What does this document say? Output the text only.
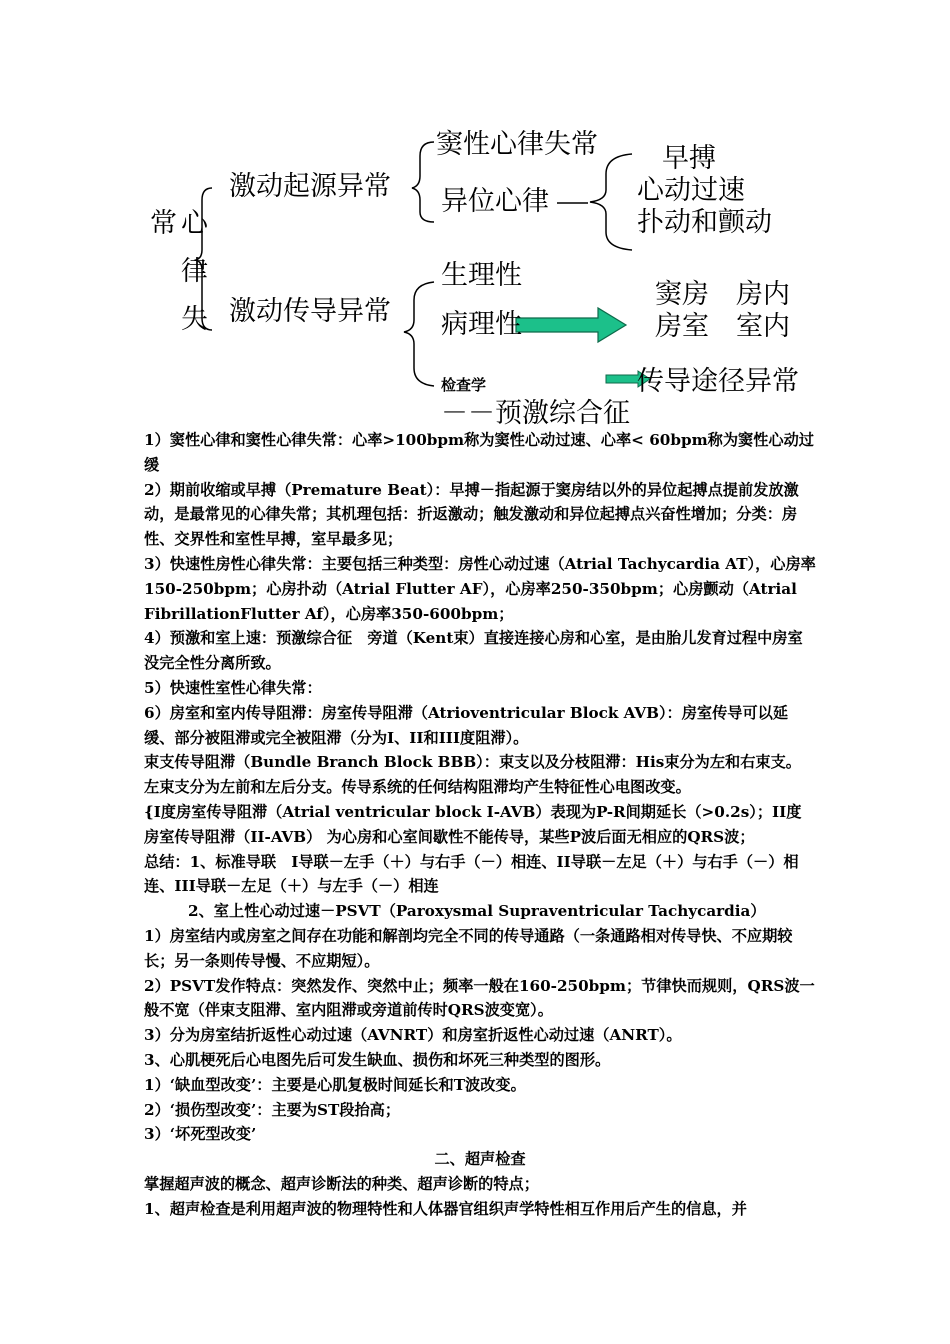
心
律
失
常
激动起源异常
激动传导异常
窦性心律失常
异位心律
早搏
心动过速
扑动和颤动
生理性
病理性
窦房　房内
房室　室内
检查学	传导途径异常
－－预激综合征

1）窦性心律和窦性心律失常：心率>100bpm称为窦性心动过速、心率< 60bpm称为窦性心动过缓

2）期前收缩或早搏（Premature Beat）：早搏－指起源于窦房结以外的异位起搏点提前发放激动，是最常见的心律失常；其机理包括：折返激动；触发激动和异位起搏点兴奋性增加；分类：房性、交界性和室性早搏，室早最多见；

3）快速性房性心律失常：主要包括三种类型：房性心动过速（Atrial Tachycardia AT），心房率150-250bpm；心房扑动（Atrial Flutter AF），心房率250-350bpm；心房颤动（Atrial FibrillationFlutter Af），心房率350-600bpm；

4）预激和室上速：预激综合征　旁道（Kent束）直接连接心房和心室，是由胎儿发育过程中房室没完全性分离所致。

5）快速性室性心律失常：

6）房室和室内传导阻滞：房室传导阻滞（Atrioventricular Block AVB）：房室传导可以延缓、部分被阻滞或完全被阻滞（分为I、II和III度阻滞）。

束支传导阻滞（Bundle Branch Block BBB）：束支以及分枝阻滞：His束分为左和右束支。左束支分为左前和左后分支。传导系统的任何结构阻滞均产生特征性心电图改变。

{I度房室传导阻滞（Atrial ventricular block I-AVB）表现为P-R间期延长（>0.2s）；II度房室传导阻滞（II-AVB） 为心房和心室间歇性不能传导，某些P波后面无相应的QRS波；

总结：1、标准导联　I导联－左手（＋）与右手（－）相连、II导联－左足（＋）与右手（－）相连、III导联－左足（＋）与左手（－）相连

2、室上性心动过速－PSVT（Paroxysmal Supraventricular Tachycardia）

1）房室结内或房室之间存在功能和解剖均完全不同的传导通路（一条通路相对传导快、不应期较长；另一条则传导慢、不应期短）。

2）PSVT发作特点：突然发作、突然中止；频率一般在160-250bpm；节律快而规则，QRS波一般不宽（伴束支阻滞、室内阻滞或旁道前传时QRS波变宽）。

3）分为房室结折返性心动过速（AVNRT）和房室折返性心动过速（ANRT）。

3、心肌梗死后心电图先后可发生缺血、损伤和坏死三种类型的图形。

1）‘缺血型改变’：主要是心肌复极时间延长和T波改变。

2）‘损伤型改变’：主要为ST段抬高；

3）‘坏死型改变’

二、超声检查

掌握超声波的概念、超声诊断法的种类、超声诊断的特点；

1、超声检查是利用超声波的物理特性和人体器官组织声学特性相互作用后产生的信息，并
